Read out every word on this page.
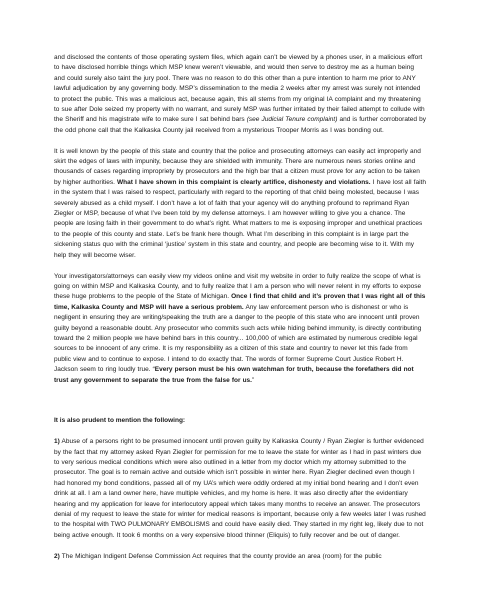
and disclosed the contents of those operating system files, which again can’t be viewed by a phones user, in a malicious effort to have disclosed horrible things which MSP knew weren’t viewable, and would then serve to destroy me as a human being and could surely also taint the jury pool. There was no reason to do this other than a pure intention to harm me prior to ANY lawful adjudication by any governing body. MSP’s dissemination to the media 2 weeks after my arrest was surely not intended to protect the public. This was a malicious act, because again, this all stems from my original IA complaint and my threatening to sue after Dole seized my property with no warrant, and surely MSP was further irritated by their failed attempt to collude with the Sheriff and his magistrate wife to make sure I sat behind bars (see Judicial Tenure complaint) and is further corroborated by the odd phone call that the Kalkaska County jail received from a mysterious Trooper Morris as I was bonding out.

It is well known by the people of this state and country that the police and prosecuting attorneys can easily act improperly and skirt the edges of laws with impunity, because they are shielded with immunity. There are numerous news stories online and thousands of cases regarding impropriety by prosecutors and the high bar that a citizen must prove for any action to be taken by higher authorities. What I have shown in this complaint is clearly artifice, dishonesty and violations. I have lost all faith in the system that I was raised to respect, particularly with regard to the reporting of that child being molested, because I was severely abused as a child myself. I don’t have a lot of faith that your agency will do anything profound to reprimand Ryan Ziegler or MSP, because of what I’ve been told by my defense attorneys. I am however willing to give you a chance. The people are losing faith in their government to do what’s right. What matters to me is exposing improper and unethical practices to the people of this county and state. Let’s be frank here though. What I’m describing in this complaint is in large part the sickening status quo with the criminal ‘justice’ system in this state and country, and people are becoming wise to it. With my help they will become wiser.

Your investigators/attorneys can easily view my videos online and visit my website in order to fully realize the scope of what is going on within MSP and Kalkaska County, and to fully realize that I am a person who will never relent in my efforts to expose these huge problems to the people of the State of Michigan. Once I find that child and it’s proven that I was right all of this time, Kalkaska County and MSP will have a serious problem. Any law enforcement person who is dishonest or who is negligent in ensuring they are writing/speaking the truth are a danger to the people of this state who are innocent until proven guilty beyond a reasonable doubt. Any prosecutor who commits such acts while hiding behind immunity, is directly contributing toward the 2 million people we have behind bars in this country... 100,000 of which are estimated by numerous credible legal sources to be innocent of any crime. It is my responsibility as a citizen of this state and country to never let this fade from public view and to continue to expose. I intend to do exactly that. The words of former Supreme Court Justice Robert H. Jackson seem to ring loudly true. “Every person must be his own watchman for truth, because the forefathers did not trust any government to separate the true from the false for us.”

It is also prudent to mention the following:

1) Abuse of a persons right to be presumed innocent until proven guilty by Kalkaska County / Ryan Ziegler is further evidenced by the fact that my attorney asked Ryan Ziegler for permission for me to leave the state for winter as I had in past winters due to very serious medical conditions which were also outlined in a letter from my doctor which my attorney submitted to the prosecutor. The goal is to remain active and outside which isn’t possible in winter here. Ryan Ziegler declined even though I had honored my bond conditions, passed all of my UA’s which were oddly ordered at my initial bond hearing and I don’t even drink at all. I am a land owner here, have multiple vehicles, and my home is here. It was also directly after the evidentiary hearing and my application for leave for interlocutory appeal which takes many months to receive an answer. The prosecutors denial of my request to leave the state for winter for medical reasons is important, because only a few weeks later I was rushed to the hospital with TWO PULMONARY EMBOLISMS and could have easily died. They started in my right leg, likely due to not being active enough. It took 6 months on a very expensive blood thinner (Eliquis) to fully recover and be out of danger.

2) The Michigan Indigent Defense Commission Act requires that the county provide an area (room) for the public
